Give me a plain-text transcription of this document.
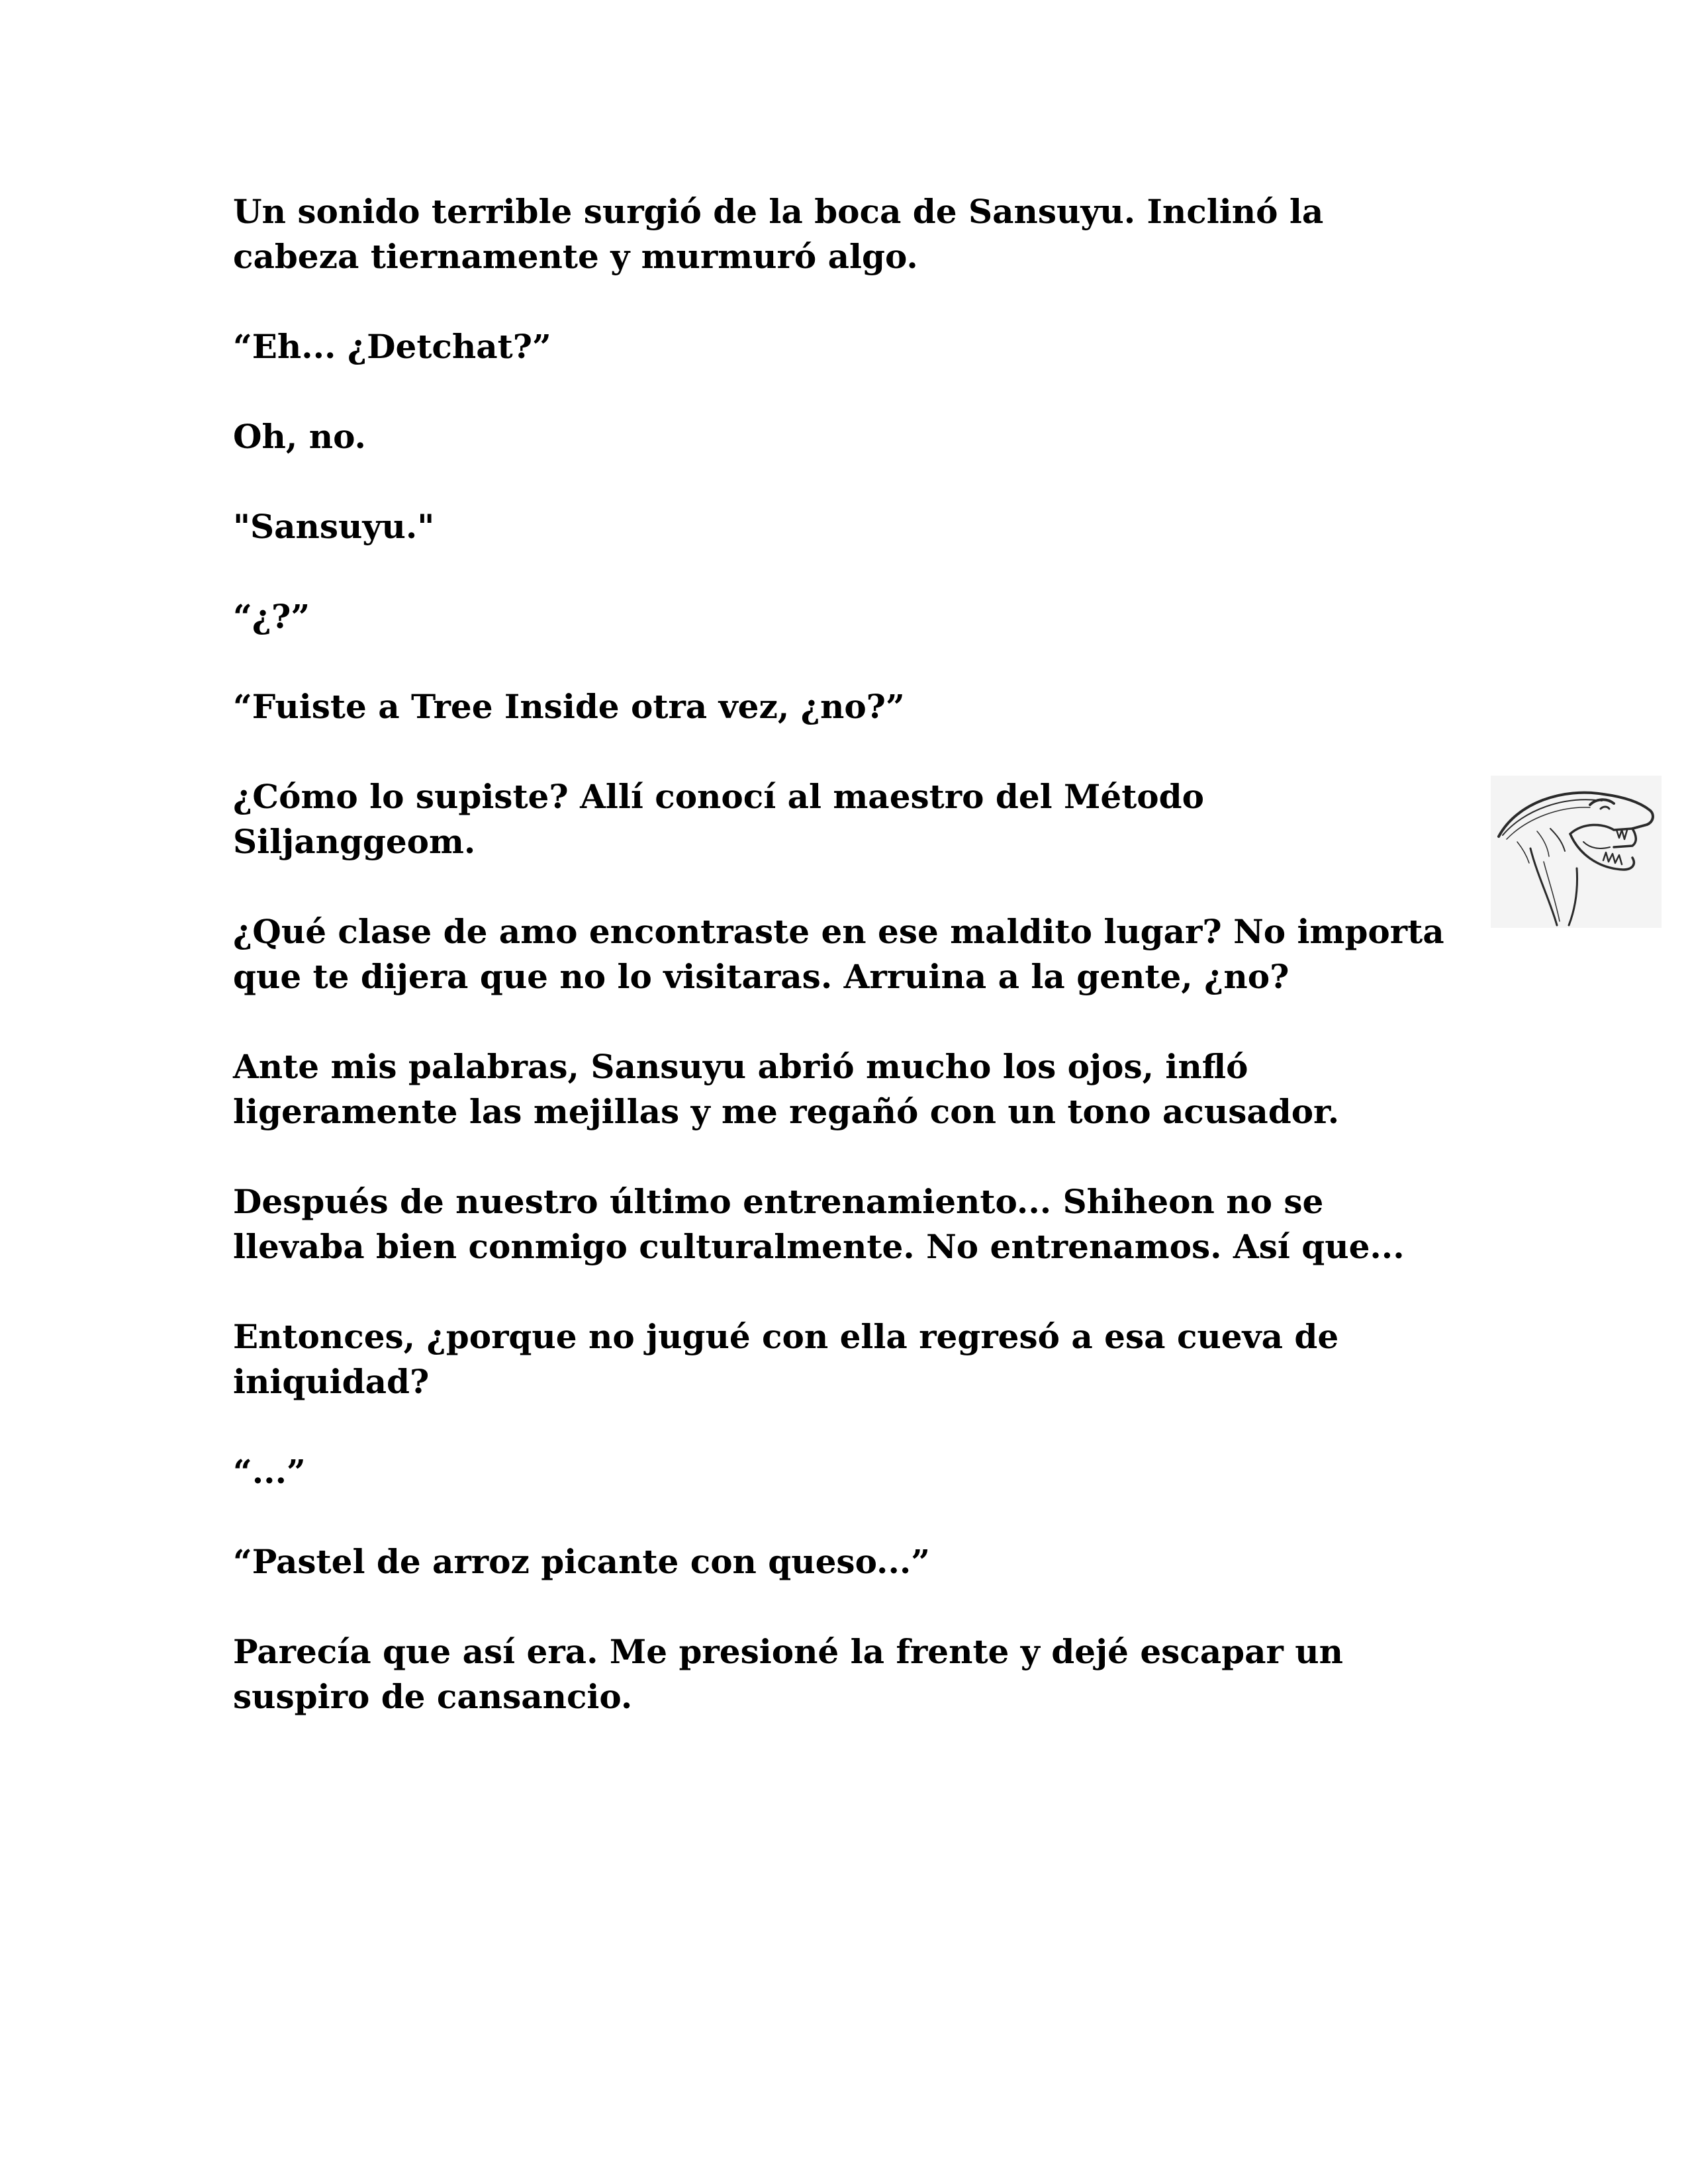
Un sonido terrible surgió de la boca de Sansuyu. Inclinó la cabeza tiernamente y murmuró algo.

“Eh... ¿Detchat?”

Oh, no.

"Sansuyu."

“¿?”

“Fuiste a Tree Inside otra vez, ¿no?”

¿Cómo lo supiste? Allí conocí al maestro del Método Siljanggeom.

¿Qué clase de amo encontraste en ese maldito lugar? No importa que te dijera que no lo visitaras. Arruina a la gente, ¿no?

Ante mis palabras, Sansuyu abrió mucho los ojos, infló ligeramente las mejillas y me regañó con un tono acusador.

Después de nuestro último entrenamiento... Shiheon no se llevaba bien conmigo culturalmente. No entrenamos. Así que...

Entonces, ¿porque no jugué con ella regresó a esa cueva de iniquidad?

“...”

“Pastel de arroz picante con queso...”

Parecía que así era. Me presioné la frente y dejé escapar un suspiro de cansancio.
